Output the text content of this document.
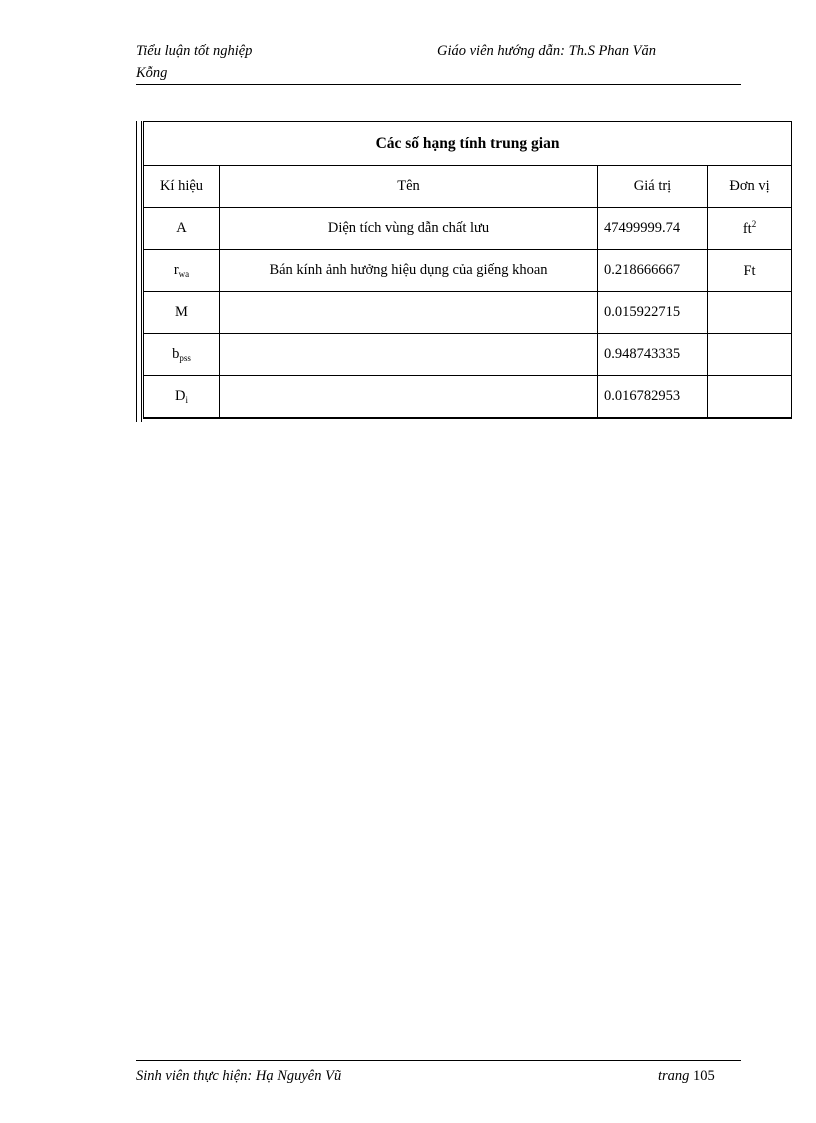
Tiểu luận tốt nghiệp
Kỗng
Giáo viên hướng dẫn: Th.S Phan Văn
Các số hạng tính trung gian			
Kí hiệu	Tên	Giá trị	Đơn vị
A	Diện tích vùng dẫn chất lưu	47499999.74	$ft^2$
$r_{wa}$	Bán kính ảnh hưởng hiệu dụng của giếng khoan	0.218666667	Ft
M		0.015922715	
$b_{pss}$		0.948743335	
$D_i$		0.016782953	
Sinh viên thực hiện: Hạ Nguyên Vũ	trang 105
